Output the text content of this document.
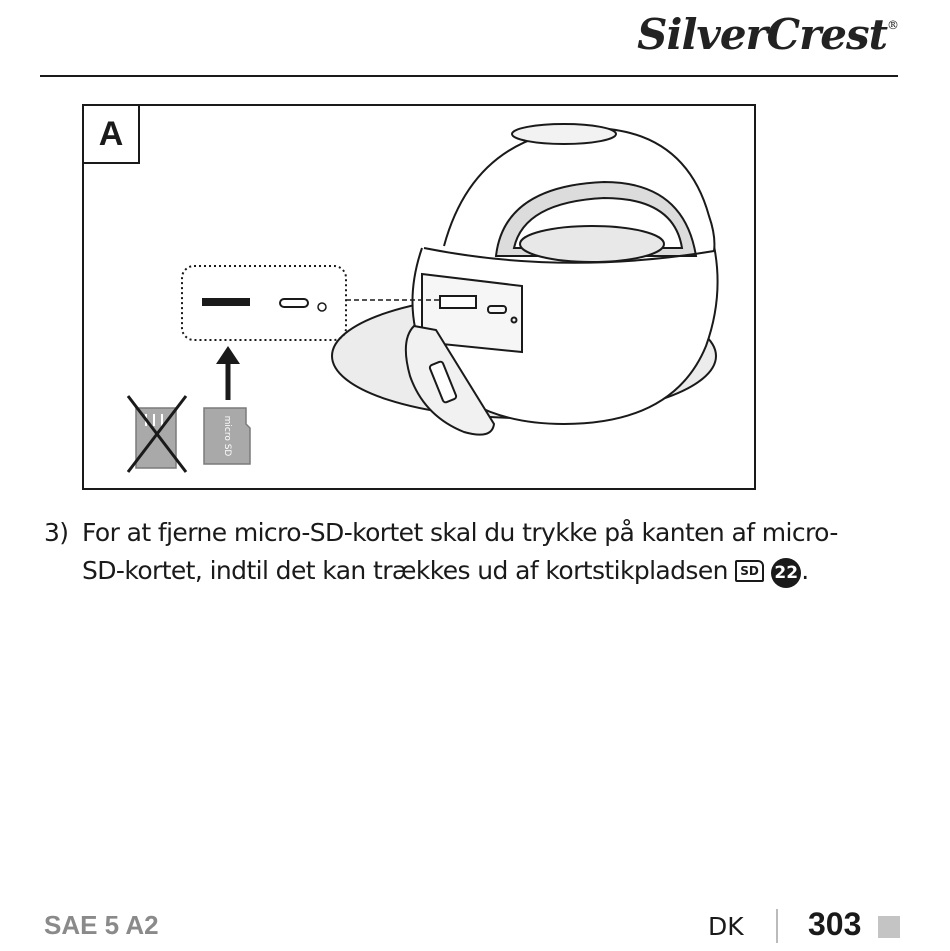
SilverCrest®
micro SD
A
3) For at fjerne micro-SD-kortet skal du trykke på kanten af micro-SD-kortet, indtil det kan trækkes ud af kortstikpladsen SD 22 .
SAE 5 A2	DK 303
